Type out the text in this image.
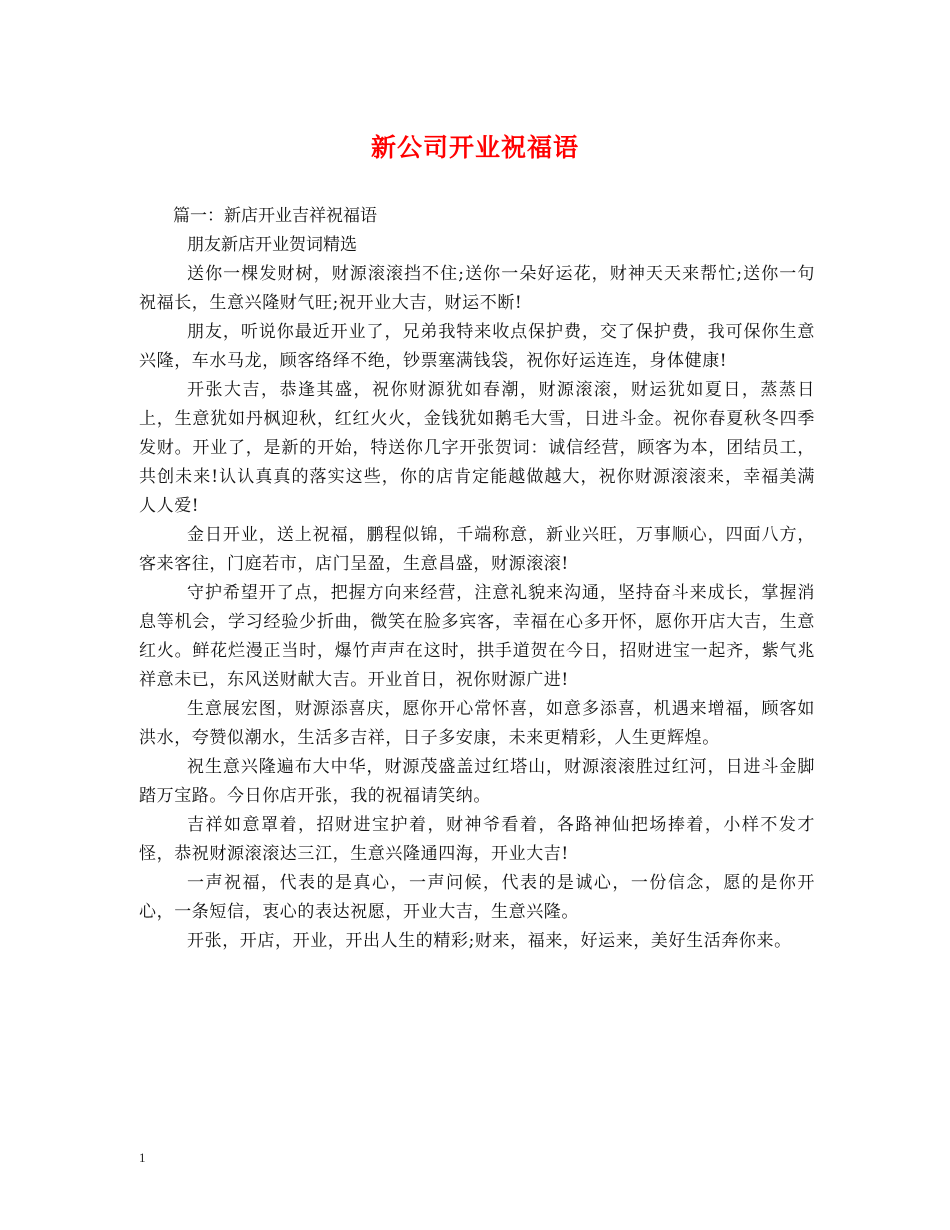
新公司开业祝福语

篇一：新店开业吉祥祝福语

朋友新店开业贺词精选

送你一棵发财树，财源滚滚挡不住;送你一朵好运花，财神天天来帮忙;送你一句祝福长，生意兴隆财气旺;祝开业大吉，财运不断!

朋友，听说你最近开业了，兄弟我特来收点保护费，交了保护费，我可保你生意兴隆，车水马龙，顾客络绎不绝，钞票塞满钱袋，祝你好运连连，身体健康!

开张大吉，恭逢其盛，祝你财源犹如春潮，财源滚滚，财运犹如夏日，蒸蒸日上，生意犹如丹枫迎秋，红红火火，金钱犹如鹅毛大雪，日进斗金。祝你春夏秋冬四季发财。开业了，是新的开始，特送你几字开张贺词：诚信经营，顾客为本，团结员工，共创未来!认认真真的落实这些，你的店肯定能越做越大，祝你财源滚滚来，幸福美满人人爱!

金日开业，送上祝福，鹏程似锦，千端称意，新业兴旺，万事顺心，四面八方，客来客往，门庭若市，店门呈盈，生意昌盛，财源滚滚!

守护希望开了点，把握方向来经营，注意礼貌来沟通，坚持奋斗来成长，掌握消息等机会，学习经验少折曲，微笑在脸多宾客，幸福在心多开怀，愿你开店大吉，生意红火。鲜花烂漫正当时，爆竹声声在这时，拱手道贺在今日，招财进宝一起齐，紫气兆祥意未已，东风送财献大吉。开业首日，祝你财源广进!

生意展宏图，财源添喜庆，愿你开心常怀喜，如意多添喜，机遇来增福，顾客如洪水，夸赞似潮水，生活多吉祥，日子多安康，未来更精彩，人生更辉煌。

祝生意兴隆遍布大中华，财源茂盛盖过红塔山，财源滚滚胜过红河，日进斗金脚踏万宝路。今日你店开张，我的祝福请笑纳。

吉祥如意罩着，招财进宝护着，财神爷看着，各路神仙把场捧着，小样不发才怪，恭祝财源滚滚达三江，生意兴隆通四海，开业大吉!

一声祝福，代表的是真心，一声问候，代表的是诚心，一份信念，愿的是你开心，一条短信，衷心的表达祝愿，开业大吉，生意兴隆。

开张，开店，开业，开出人生的精彩;财来，福来，好运来，美好生活奔你来。

1
